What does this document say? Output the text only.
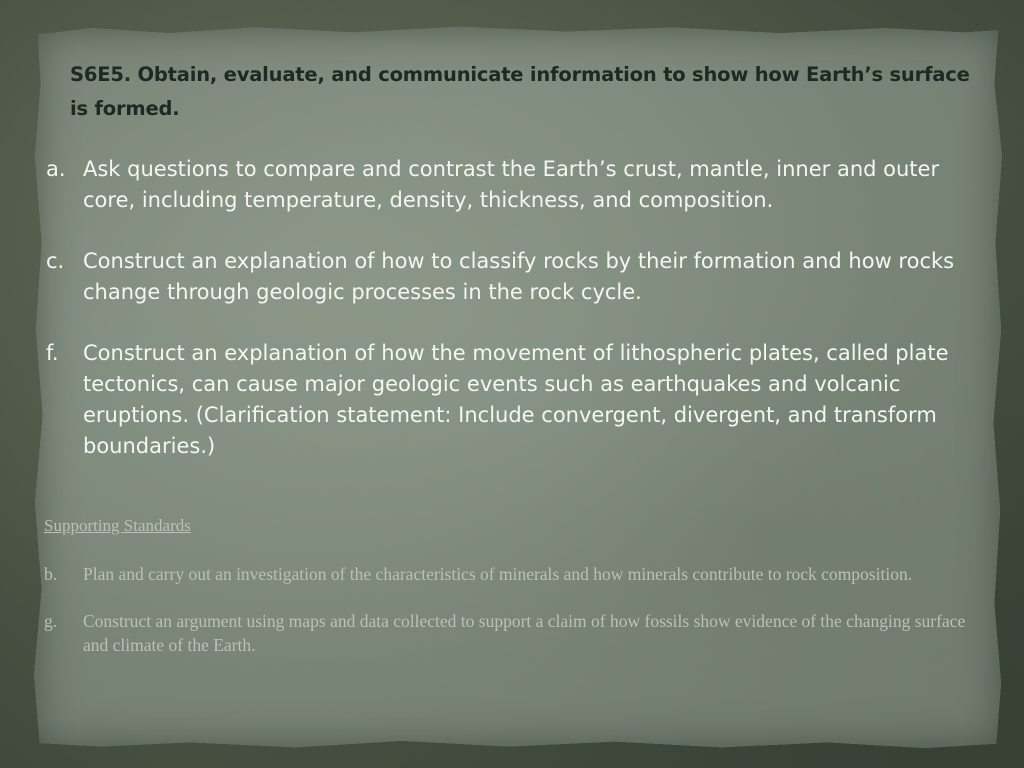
S6E5. Obtain, evaluate, and communicate information to show how Earth’s surface is formed.
a. Ask questions to compare and contrast the Earth’s crust, mantle, inner and outer core, including temperature, density, thickness, and composition.
c. Construct an explanation of how to classify rocks by their formation and how rocks change through geologic processes in the rock cycle.
f.	Construct an explanation of how the movement of lithospheric plates, called plate tectonics, can cause major geologic events such as earthquakes and volcanic eruptions. (Clarification statement: Include convergent, divergent, and transform boundaries.)
Supporting Standards
b.	Plan and carry out an investigation of the characteristics of minerals and how minerals contribute to rock composition.
g.	Construct an argument using maps and data collected to support a claim of how fossils show evidence of the changing surface and climate of the Earth.
